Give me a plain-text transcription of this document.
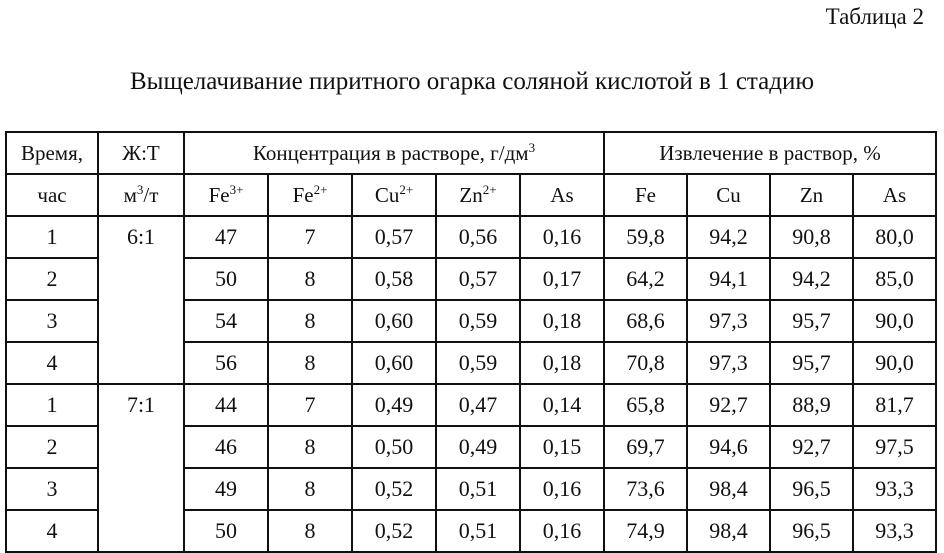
Таблица 2
Выщелачивание пиритного огарка соляной кислотой в 1 стадию
Время,	Ж:Т	Концентрация в растворе, $г/дм^3$					Извлечение в раствор, %			
час	$м^3/т$	$Fe^{3+}$	$Fe^{2+}$	$Cu^{2+}$	$Zn^{2+}$	As	Fe	Cu	Zn	As
1	6:1	47	7	0,57	0,56	0,16	59,8	94,2	90,8	80,0
2		50	8	0,58	0,57	0,17	64,2	94,1	94,2	85,0
3		54	8	0,60	0,59	0,18	68,6	97,3	95,7	90,0
4		56	8	0,60	0,59	0,18	70,8	97,3	95,7	90,0
1	7:1	44	7	0,49	0,47	0,14	65,8	92,7	88,9	81,7
2		46	8	0,50	0,49	0,15	69,7	94,6	92,7	97,5
3		49	8	0,52	0,51	0,16	73,6	98,4	96,5	93,3
4		50	8	0,52	0,51	0,16	74,9	98,4	96,5	93,3
